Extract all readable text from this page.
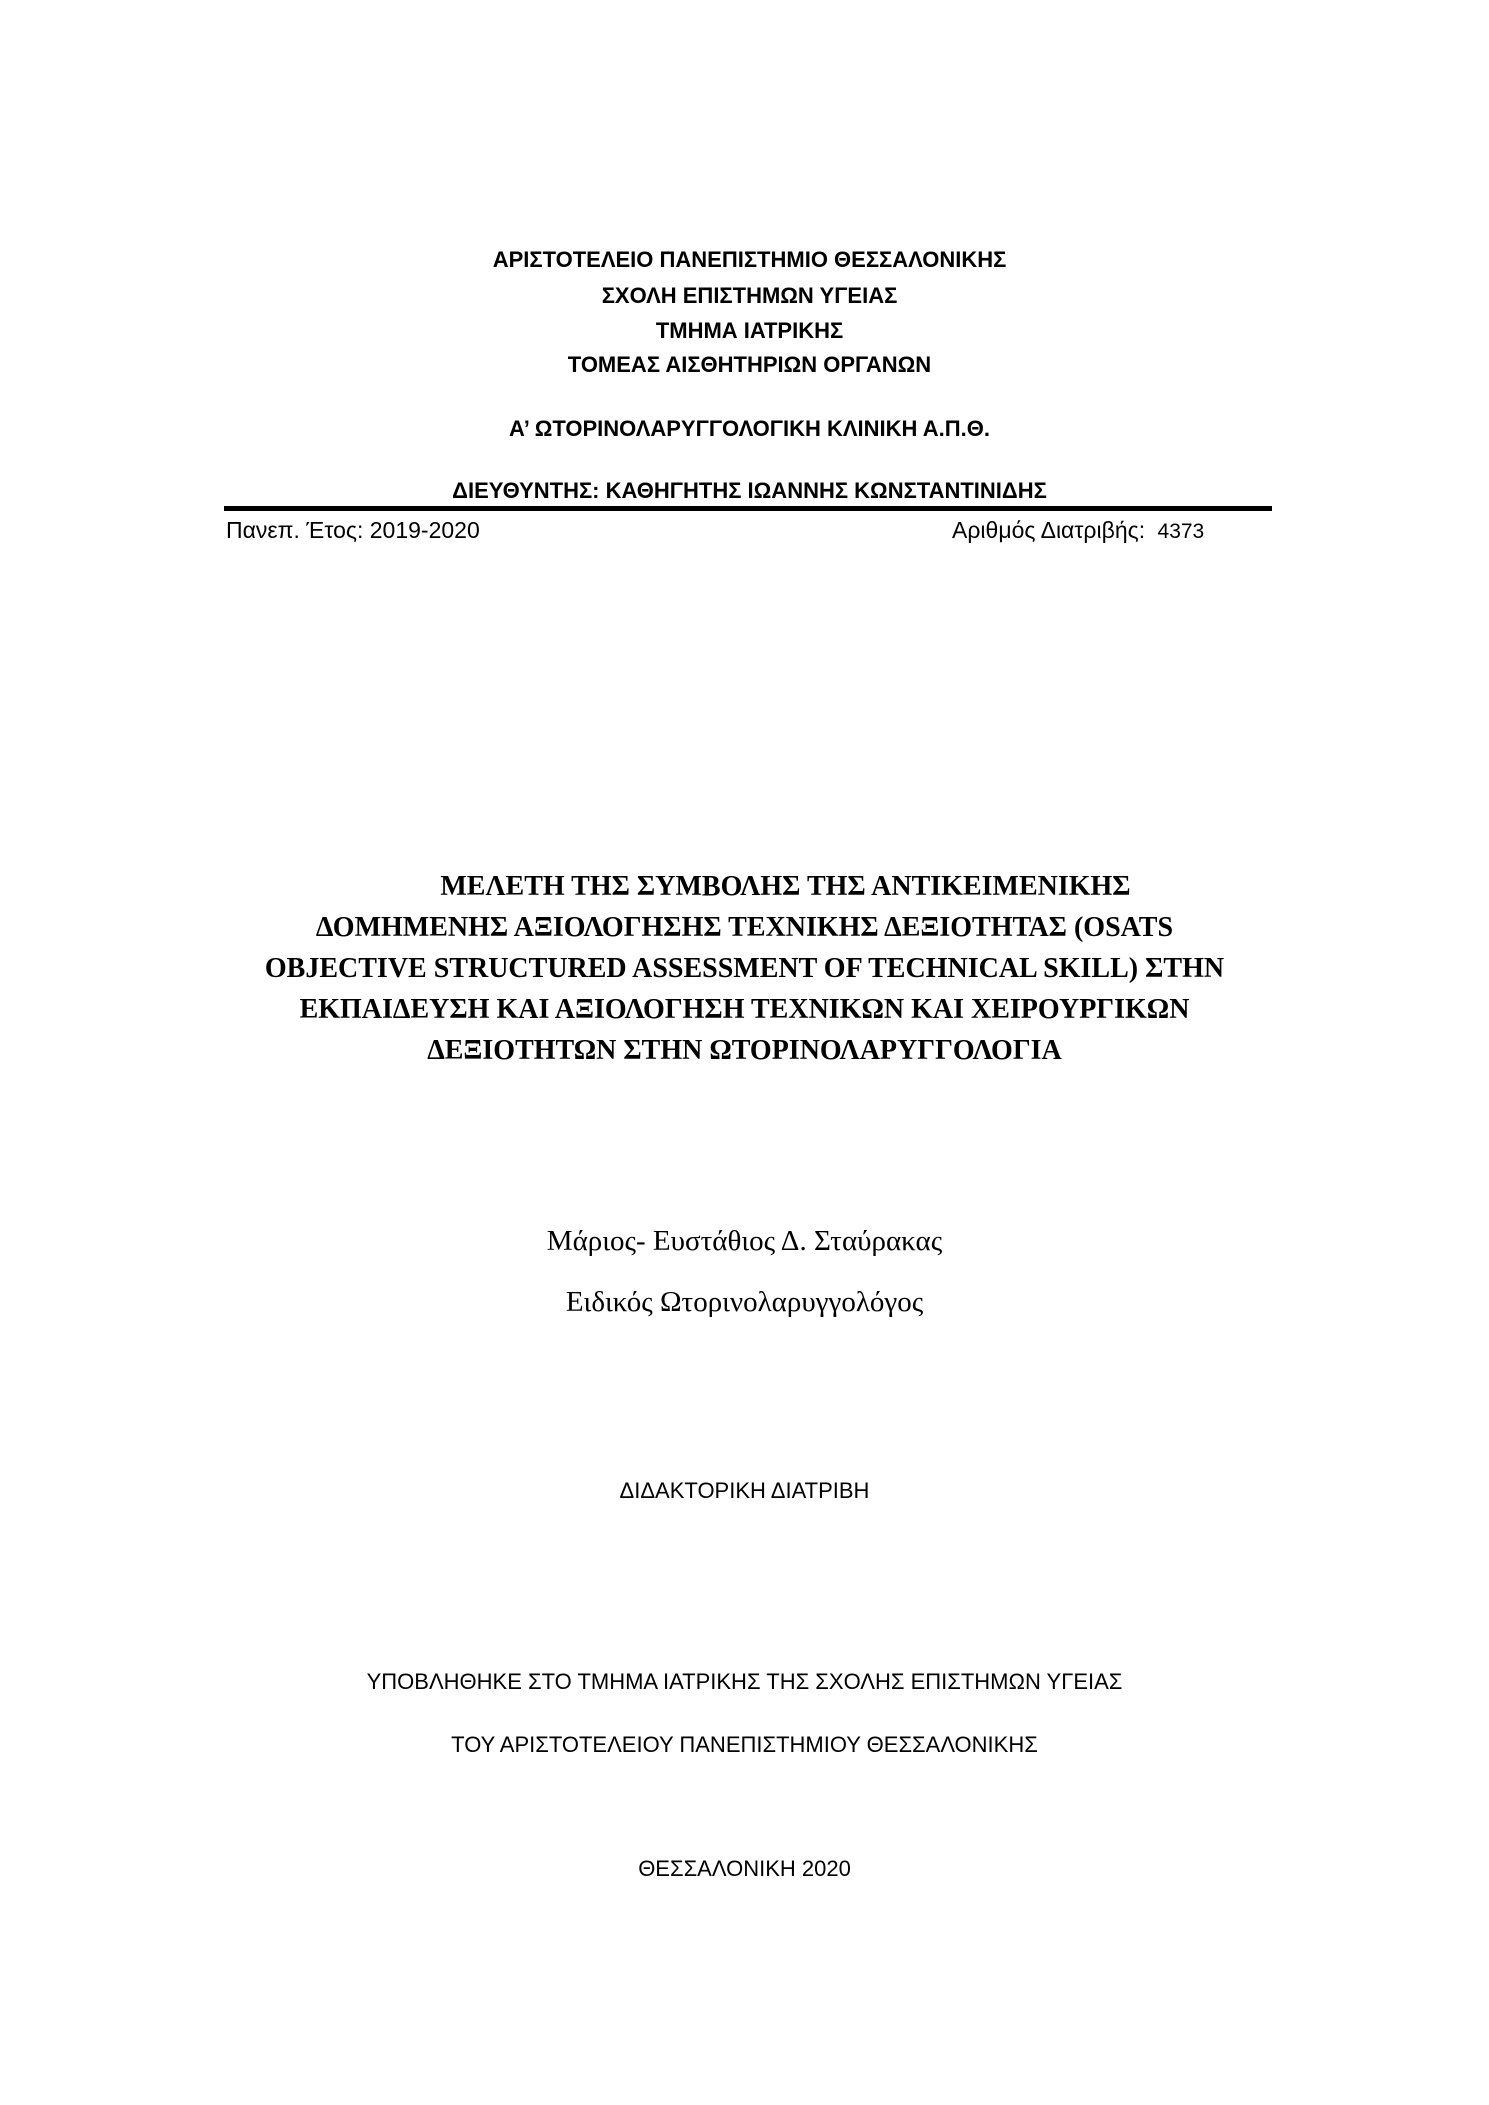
ΑΡΙΣΤΟΤΕΛΕΙΟ ΠΑΝΕΠΙΣΤΗΜΙΟ ΘΕΣΣΑΛΟΝΙΚΗΣ
ΣΧΟΛΗ ΕΠΙΣΤΗΜΩΝ ΥΓΕΙΑΣ
ΤΜΗΜΑ ΙΑΤΡΙΚΗΣ
ΤΟΜΕΑΣ ΑΙΣΘΗΤΗΡΙΩΝ ΟΡΓΑΝΩΝ
Α’ ΩΤΟΡΙΝΟΛΑΡΥΓΓΟΛΟΓΙΚΗ ΚΛΙΝΙΚΗ Α.Π.Θ.
ΔΙΕΥΘΥΝΤΗΣ: ΚΑΘΗΓΗΤΗΣ ΙΩΑΝΝΗΣ ΚΩΝΣΤΑΝΤΙΝΙΔΗΣ
Πανεπ. Έτος: 2019-2020	Αριθμός Διατριβής: 4373
ΜΕΛΕΤΗ ΤΗΣ ΣΥΜΒΟΛΗΣ ΤΗΣ ΑΝΤΙΚΕΙΜΕΝΙΚΗΣ
ΔΟΜΗΜΕΝΗΣ ΑΞΙΟΛΟΓΗΣΗΣ ΤΕΧΝΙΚΗΣ ΔΕΞΙΟΤΗΤΑΣ (OSATS
OBJECTIVE STRUCTURED ASSESSMENT OF TECHNICAL SKILL) ΣΤΗΝ
ΕΚΠΑΙΔΕΥΣΗ ΚΑΙ ΑΞΙΟΛΟΓΗΣΗ ΤΕΧΝΙΚΩΝ ΚΑΙ ΧΕΙΡΟΥΡΓΙΚΩΝ
ΔΕΞΙΟΤΗΤΩΝ ΣΤΗΝ ΩΤΟΡΙΝΟΛΑΡΥΓΓΟΛΟΓΙΑ
Μάριος- Ευστάθιος Δ. Σταύρακας
Ειδικός Ωτορινολαρυγγολόγος
ΔΙΔΑΚΤΟΡΙΚΗ ΔΙΑΤΡΙΒΗ
ΥΠΟΒΛΗΘΗΚΕ ΣΤΟ ΤΜΗΜΑ ΙΑΤΡΙΚΗΣ ΤΗΣ ΣΧΟΛΗΣ ΕΠΙΣΤΗΜΩΝ ΥΓΕΙΑΣ
ΤΟΥ ΑΡΙΣΤΟΤΕΛΕΙΟΥ ΠΑΝΕΠΙΣΤΗΜΙΟΥ ΘΕΣΣΑΛΟΝΙΚΗΣ
ΘΕΣΣΑΛΟΝΙΚΗ 2020
